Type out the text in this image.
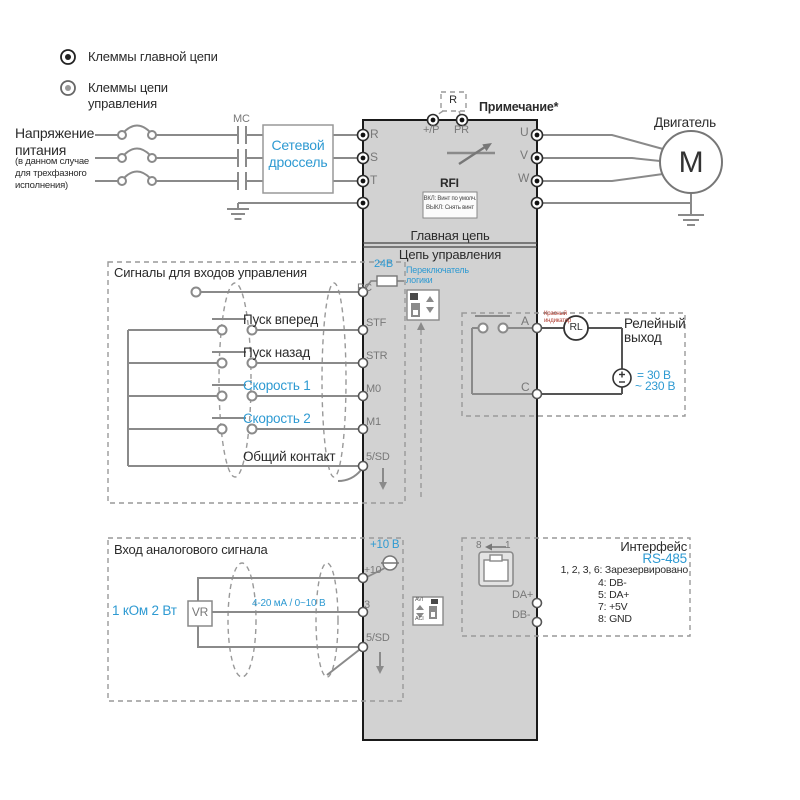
Клеммы главной цепи
Клеммы цепи
управления
Напряжение
питания
(в данном случае
для трехфазного
исполнения)
MC
Сетевой
дроссель
R Примечание*
+/P PR
R
S
T
U
V
W
Двигатель
M
RFI
ВКЛ: Винт по умолч.
ВЫКЛ: Снять винт
Главная цепь
Цепь управления
24В
PC
Переключатель
логики
Сигналы для входов управления
Пуск вперед
Пуск назад
Скорость 1
Скорость 2
Общий контакт
STF
STR
M0
M1
5/SD
A
C
Красный
индикатор
RL	Релейный
выход
= 30 В
~ 230 В
Вход аналогового сигнала
1 кОм 2 Вт VR
4-20 мА / 0~10 В
+10 В
+10
3
5/SD
AVI
ACI
8 1
DA+
DB-
Интерфейс
RS-485
1, 2, 3, 6: Зарезервировано
4: DB-
5: DA+
7: +5V
8: GND
